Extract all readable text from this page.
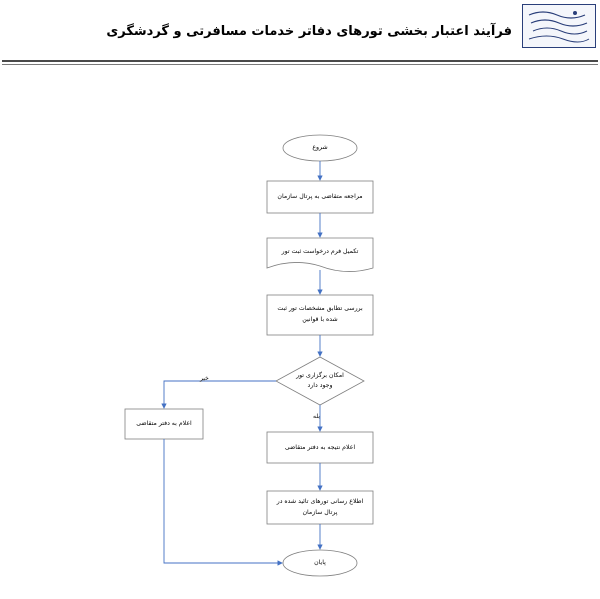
فرآیند اعتبار بخشی تورهای دفاتر خدمات مسافرتی و گردشگری
شروع
مراجعه متقاضی به پرتال سازمان
تکمیل فرم درخواست ثبت تور
بررسی تطابق مشخصات تور ثبت
شده با قوانین
امکان برگزاری تور
وجود دارد
خیر
بله
اعلام به دفتر متقاضی
اعلام نتیجه به دفتر متقاضی
اطلاع رسانی تورهای تائید شده در
پرتال سازمان
پایان
